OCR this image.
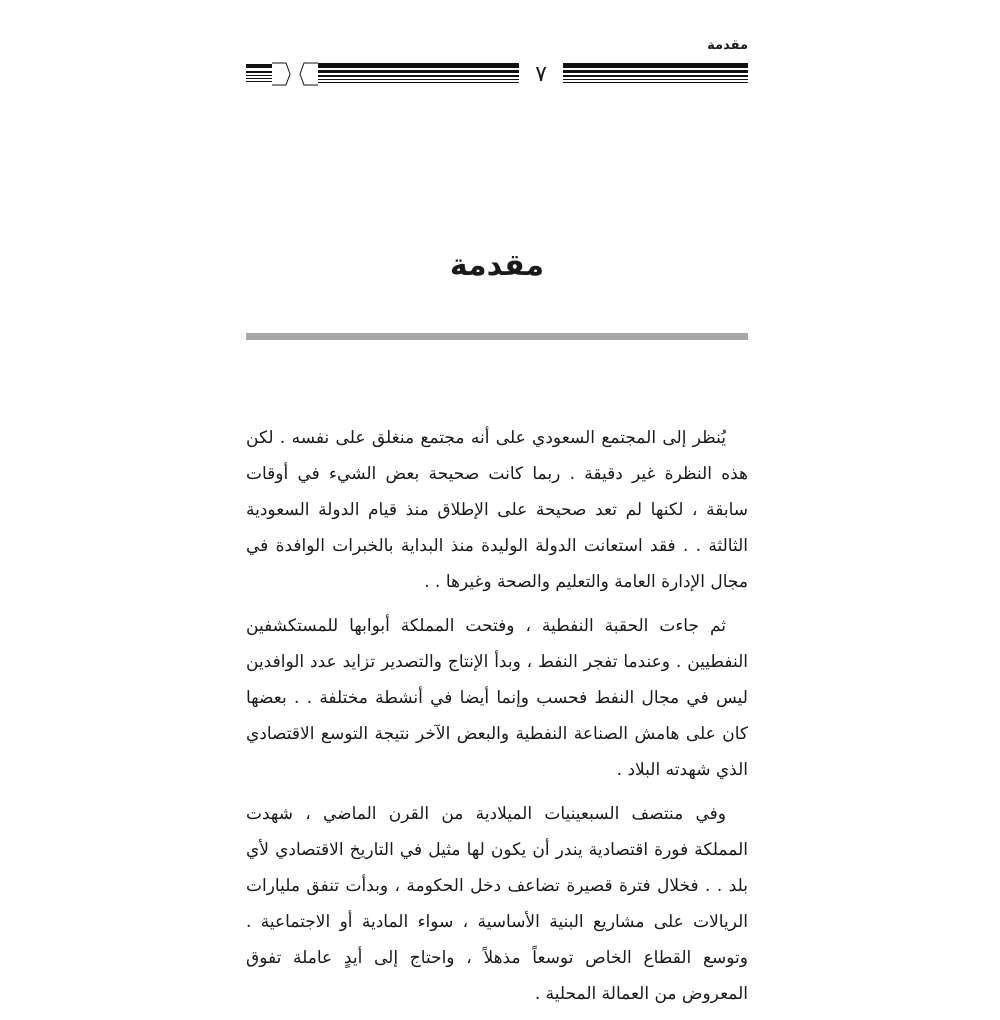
مقدمة
٧
مقدمة

يُنظر إلى المجتمع السعودي على أنه مجتمع منغلق على نفسه . لكن هذه النظرة غير دقيقة . ربما كانت صحيحة بعض الشيء في أوقات سابقة ، لكنها لم تعد صحيحة على الإطلاق منذ قيام الدولة السعودية الثالثة . . فقد استعانت الدولة الوليدة منذ البداية بالخبرات الوافدة في مجال الإدارة العامة والتعليم والصحة وغيرها . .

ثم جاءت الحقبة النفطية ، وفتحت المملكة أبوابها للمستكشفين النفطيين . وعندما تفجر النفط ، وبدأ الإنتاج والتصدير تزايد عدد الوافدين ليس في مجال النفط فحسب وإنما أيضا في أنشطة مختلفة . . بعضها كان على هامش الصناعة النفطية والبعض الآخر نتيجة التوسع الاقتصادي الذي شهدته البلاد .

وفي منتصف السبعينيات الميلادية من القرن الماضي ، شهدت المملكة فورة اقتصادية يندر أن يكون لها مثيل في التاريخ الاقتصادي لأي بلد . . فخلال فترة قصيرة تضاعف دخل الحكومة ، وبدأت تنفق مليارات الريالات على مشاريع البنية الأساسية ، سواء المادية أو الاجتماعية . وتوسع القطاع الخاص توسعاً مذهلاً ، واحتاج إلى أيدٍ عاملة تفوق المعروض من العمالة المحلية .
